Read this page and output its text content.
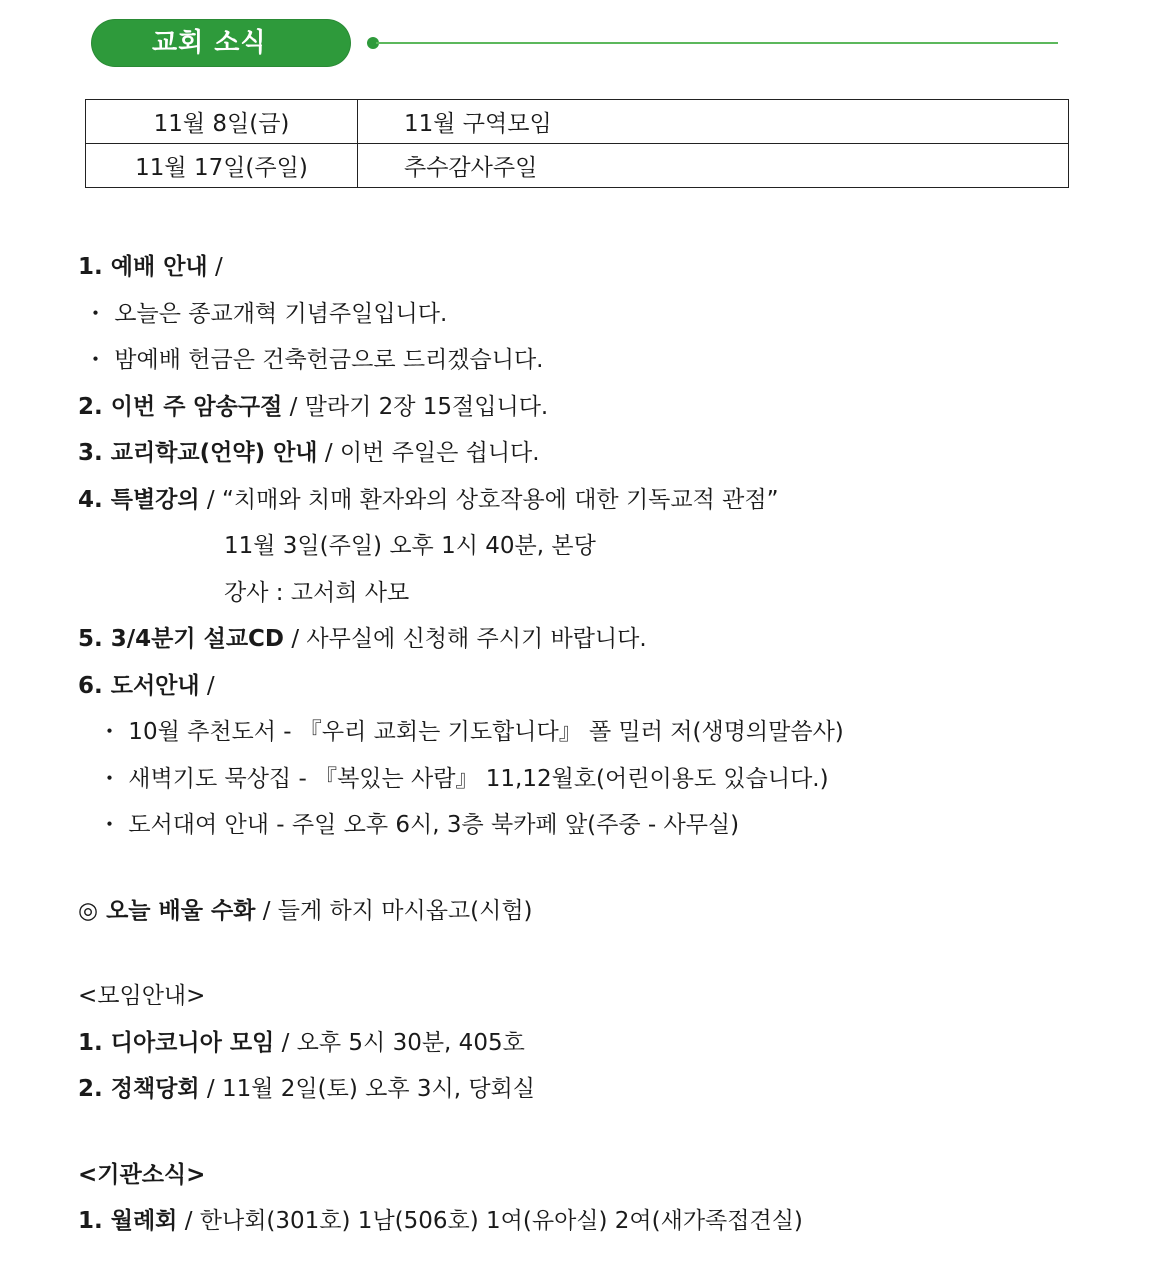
교회 소식
11월 8일(금)	11월 구역모임
11월 17일(주일)	추수감사주일
1. 예배 안내 /
・ 오늘은 종교개혁 기념주일입니다.
・ 밤예배 헌금은 건축헌금으로 드리겠습니다.
2. 이번 주 암송구절 / 말라기 2장 15절입니다.
3. 교리학교(언약) 안내 / 이번 주일은 쉽니다.
4. 특별강의 / “치매와 치매 환자와의 상호작용에 대한 기독교적 관점”
11월 3일(주일) 오후 1시 40분, 본당
강사 : 고서희 사모
5. 3/4분기 설교CD / 사무실에 신청해 주시기 바랍니다.
6. 도서안내 /
・ 10월 추천도서 - 『우리 교회는 기도합니다』 폴 밀러 저(생명의말씀사)
・ 새벽기도 묵상집 - 『복있는 사람』 11,12월호(어린이용도 있습니다.)
・ 도서대여 안내 - 주일 오후 6시, 3층 북카페 앞(주중 - 사무실)
◎ 오늘 배울 수화 / 들게 하지 마시옵고(시험)
<모임안내>
1. 디아코니아 모임 / 오후 5시 30분, 405호
2. 정책당회 / 11월 2일(토) 오후 3시, 당회실
<기관소식>
1. 월례회 / 한나회(301호) 1남(506호) 1여(유아실) 2여(새가족접견실)
